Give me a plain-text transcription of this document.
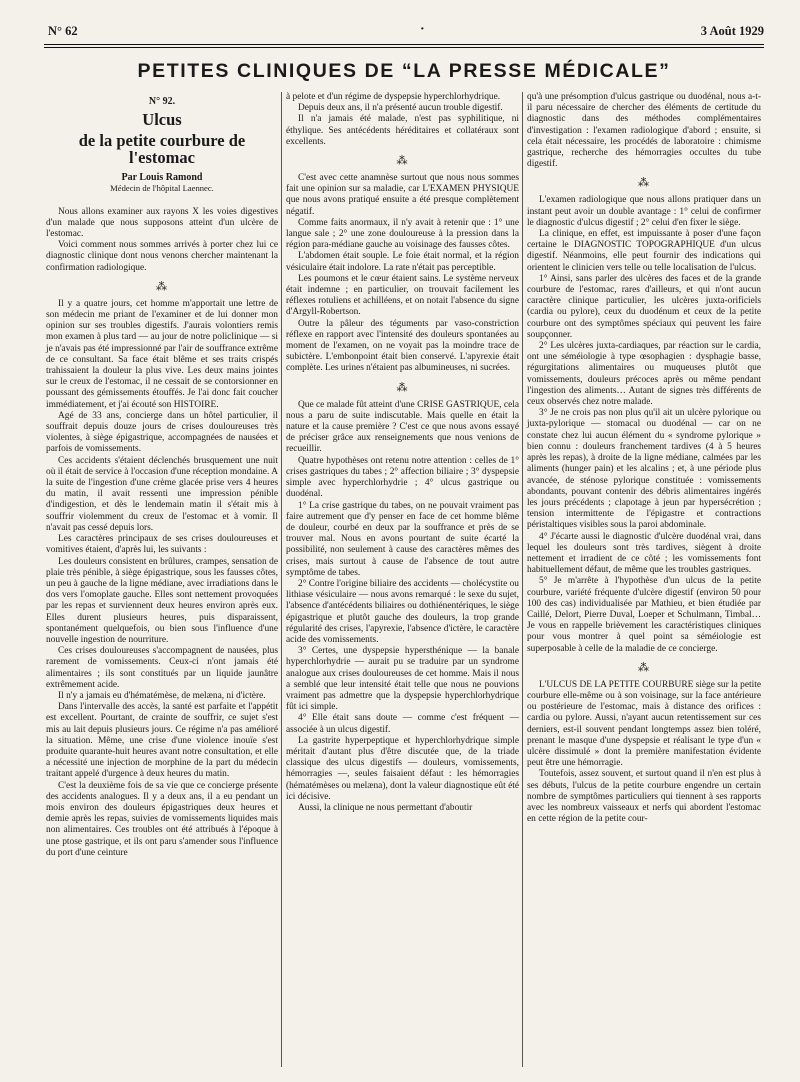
N° 62	·	3 Août 1929
PETITES CLINIQUES DE “LA PRESSE MÉDICALE”

N° 92.

Ulcus

de la petite courbure de l'estomac

Par Louis Ramond

Médecin de l'hôpital Laennec.

Nous allons examiner aux rayons X les voies digestives d'un malade que nous supposons atteint d'un ulcère de l'estomac.

Voici comment nous sommes arrivés à porter chez lui ce diagnostic clinique dont nous venons chercher maintenant la confirmation radiologique.

⁂

Il y a quatre jours, cet homme m'apportait une lettre de son médecin me priant de l'examiner et de lui donner mon opinion sur ses troubles digestifs. J'aurais volontiers remis mon examen à plus tard — au jour de notre policlinique — si je n'avais pas été impressionné par l'air de souffrance extrême de ce consultant. Sa face était blême et ses traits crispés trahissaient la douleur la plus vive. Les deux mains jointes sur le creux de l'estomac, il ne cessait de se contorsionner en poussant des gémissements étouffés. Je l'ai donc fait coucher immédiatement, et j'ai écouté son HISTOIRE.

Agé de 33 ans, concierge dans un hôtel particulier, il souffrait depuis douze jours de crises douloureuses très violentes, à siège épigastrique, accompagnées de nausées et parfois de vomissements.

Ces accidents s'étaient déclenchés brusquement une nuit où il était de service à l'occasion d'une réception mondaine. A la suite de l'ingestion d'une crème glacée prise vers 4 heures du matin, il avait ressenti une impression pénible d'indigestion, et dès le lendemain matin il s'était mis à souffrir violemment du creux de l'estomac et à vomir. Il n'avait pas cessé depuis lors.

Les caractères principaux de ses crises douloureuses et vomitives étaient, d'après lui, les suivants :

Les douleurs consistent en brûlures, crampes, sensation de plaie très pénible, à siège épigastrique, sous les fausses côtes, un peu à gauche de la ligne médiane, avec irradiations dans le dos vers l'omoplate gauche. Elles sont nettement provoquées par les repas et surviennent deux heures environ après eux. Elles durent plusieurs heures, puis disparaissent, spontanément quelquefois, ou bien sous l'influence d'une nouvelle ingestion de nourriture.

Ces crises douloureuses s'accompagnent de nausées, plus rarement de vomissements. Ceux-ci n'ont jamais été alimentaires ; ils sont constitués par un liquide jaunâtre extrêmement acide.

Il n'y a jamais eu d'hématémèse, de melæna, ni d'ictère.

Dans l'intervalle des accès, la santé est parfaite et l'appétit est excellent. Pourtant, de crainte de souffrir, ce sujet s'est mis au lait depuis plusieurs jours. Ce régime n'a pas amélioré la situation. Même, une crise d'une violence inouïe s'est produite quarante-huit heures avant notre consultation, et elle a nécessité une injection de morphine de la part du médecin traitant appelé d'urgence à deux heures du matin.

C'est la deuxième fois de sa vie que ce concierge présente des accidents analogues. Il y a deux ans, il a eu pendant un mois environ des douleurs épigastriques deux heures et demie après les repas, suivies de vomissements liquides mais non alimentaires. Ces troubles ont été attribués à l'époque à une ptose gastrique, et ils ont paru s'amender sous l'influence du port d'une ceinture

à pelote et d'un régime de dyspepsie hyperchlorhydrique.

Depuis deux ans, il n'a présenté aucun trouble digestif.

Il n'a jamais été malade, n'est pas syphilitique, ni éthylique. Ses antécédents héréditaires et collatéraux sont excellents.

⁂

C'est avec cette anamnèse surtout que nous nous sommes fait une opinion sur sa maladie, car L'EXAMEN PHYSIQUE que nous avons pratiqué ensuite a été presque complètement négatif.

Comme faits anormaux, il n'y avait à retenir que : 1° une langue sale ; 2° une zone douloureuse à la pression dans la région para-médiane gauche au voisinage des fausses côtes.

L'abdomen était souple. Le foie était normal, et la région vésiculaire était indolore. La rate n'était pas perceptible.

Les poumons et le cœur étaient sains. Le système nerveux était indemne ; en particulier, on trouvait facilement les réflexes rotuliens et achilléens, et on notait l'absence du signe d'Argyll-Robertson.

Outre la pâleur des téguments par vaso-constriction réflexe en rapport avec l'intensité des douleurs spontanées au moment de l'examen, on ne voyait pas la moindre trace de subictère. L'embonpoint était bien conservé. L'apyrexie était complète. Les urines n'étaient pas albumineuses, ni sucrées.

⁂

Que ce malade fût atteint d'une CRISE GASTRIQUE, cela nous a paru de suite indiscutable. Mais quelle en était la nature et la cause première ? C'est ce que nous avons essayé de préciser grâce aux renseignements que nous venions de recueillir.

Quatre hypothèses ont retenu notre attention : celles de 1° crises gastriques du tabes ; 2° affection biliaire ; 3° dyspepsie simple avec hyperchlorhydrie ; 4° ulcus gastrique ou duodénal.

1° La crise gastrique du tabes, on ne pouvait vraiment pas faire autrement que d'y penser en face de cet homme blême de douleur, courbé en deux par la souffrance et près de se trouver mal. Nous en avons pourtant de suite écarté la possibilité, non seulement à cause des caractères mêmes des crises, mais surtout à cause de l'absence de tout autre symptôme de tabes.

2° Contre l'origine biliaire des accidents — cholécystite ou lithiase vésiculaire — nous avons remarqué : le sexe du sujet, l'absence d'antécédents biliaires ou dothiénentériques, le siège épigastrique et plutôt gauche des douleurs, la trop grande régularité des crises, l'apyrexie, l'absence d'ictère, le caractère acide des vomissements.

3° Certes, une dyspepsie hypersthénique — la banale hyperchlorhydrie — aurait pu se traduire par un syndrome analogue aux crises douloureuses de cet homme. Mais il nous a semblé que leur intensité était telle que nous ne pouvions vraiment pas admettre que la dyspepsie hyperchlorhydrique fût ici simple.

4° Elle était sans doute — comme c'est fréquent — associée à un ulcus digestif.

La gastrite hyperpeptique et hyperchlorhydrique simple méritait d'autant plus d'être discutée que, de la triade classique des ulcus digestifs — douleurs, vomissements, hémorragies —, seules faisaient défaut : les hémorragies (hématémèses ou melæna), dont la valeur diagnostique eût été ici décisive.

Aussi, la clinique ne nous permettant d'aboutir

qu'à une présomption d'ulcus gastrique ou duodénal, nous a-t-il paru nécessaire de chercher des éléments de certitude du diagnostic dans des méthodes complémentaires d'investigation : l'examen radiologique d'abord ; ensuite, si cela était nécessaire, les procédés de laboratoire : chimisme gastrique, recherche des hémorragies occultes du tube digestif.

⁂

L'examen radiologique que nous allons pratiquer dans un instant peut avoir un double avantage : 1° celui de confirmer le diagnostic d'ulcus digestif ; 2° celui d'en fixer le siège.

La clinique, en effet, est impuissante à poser d'une façon certaine le DIAGNOSTIC TOPOGRAPHIQUE d'un ulcus digestif. Néanmoins, elle peut fournir des indications qui orientent le clinicien vers telle ou telle localisation de l'ulcus.

1° Ainsi, sans parler des ulcères des faces et de la grande courbure de l'estomac, rares d'ailleurs, et qui n'ont aucun caractère clinique particulier, les ulcères juxta-orificiels (cardia ou pylore), ceux du duodénum et ceux de la petite courbure ont des symptômes spéciaux qui peuvent les faire soupçonner.

2° Les ulcères juxta-cardiaques, par réaction sur le cardia, ont une séméiologie à type œsophagien : dysphagie basse, régurgitations alimentaires ou muqueuses plutôt que vomissements, douleurs précoces après ou même pendant l'ingestion des aliments… Autant de signes très différents de ceux observés chez notre malade.

3° Je ne crois pas non plus qu'il ait un ulcère pylorique ou juxta-pylorique — stomacal ou duodénal — car on ne constate chez lui aucun élément du « syndrome pylorique » bien connu : douleurs franchement tardives (4 à 5 heures après les repas), à droite de la ligne médiane, calmées par les aliments (hunger pain) et les alcalins ; et, à une période plus avancée, de sténose pylorique constituée : vomissements abondants, pouvant contenir des débris alimentaires ingérés les jours précédents ; clapotage à jeun par hypersécrétion ; tension intermittente de l'épigastre et contractions péristaltiques visibles sous la paroi abdominale.

4° J'écarte aussi le diagnostic d'ulcère duodénal vrai, dans lequel les douleurs sont très tardives, siègent à droite nettement et irradient de ce côté ; les vomissements font habituellement défaut, de même que les troubles gastriques.

5° Je m'arrête à l'hypothèse d'un ulcus de la petite courbure, variété fréquente d'ulcère digestif (environ 50 pour 100 des cas) individualisée par Mathieu, et bien étudiée par Caillé, Delort, Pierre Duval, Loeper et Schulmann, Timbal… Je vous en rappelle brièvement les caractéristiques cliniques pour vous montrer à quel point sa séméiologie est superposable à celle de la maladie de ce concierge.

⁂

L'ULCUS DE LA PETITE COURBURE siège sur la petite courbure elle-même ou à son voisinage, sur la face antérieure ou postérieure de l'estomac, mais à distance des orifices : cardia ou pylore. Aussi, n'ayant aucun retentissement sur ces derniers, est-il souvent pendant longtemps assez bien toléré, prenant le masque d'une dyspepsie et réalisant le type d'un « ulcère dissimulé » dont la première manifestation évidente peut être une hémorragie.

Toutefois, assez souvent, et surtout quand il n'en est plus à ses débuts, l'ulcus de la petite courbure engendre un certain nombre de symptômes particuliers qui tiennent à ses rapports avec les nombreux vaisseaux et nerfs qui abordent l'estomac en cette région de la petite cour-
